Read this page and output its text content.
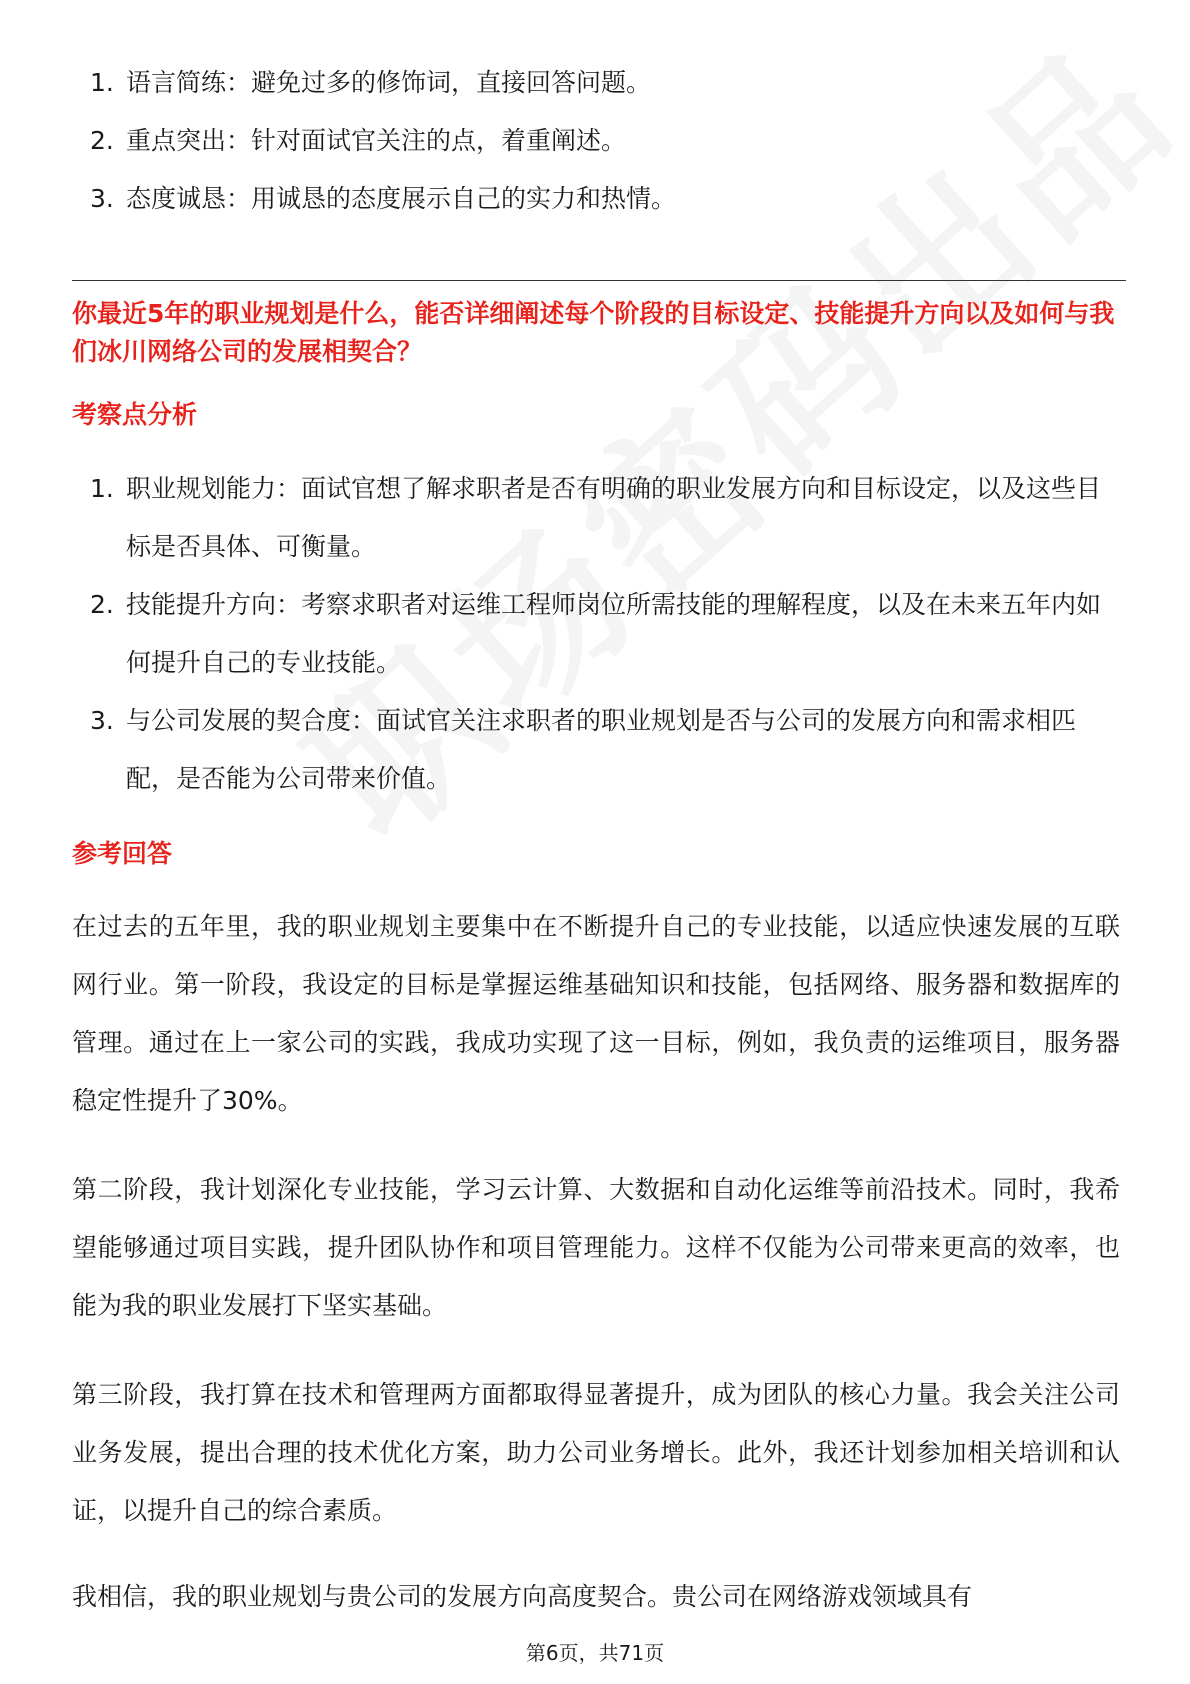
1. 语言简练：避免过多的修饰词，直接回答问题。
2. 重点突出：针对面试官关注的点，着重阐述。
3. 态度诚恳：用诚恳的态度展示自己的实力和热情。
你最近5年的职业规划是什么，能否详细阐述每个阶段的目标设定、技能提升方向以及如何与我们冰川网络公司的发展相契合？
考察点分析
1. 职业规划能力：面试官想了解求职者是否有明确的职业发展方向和目标设定，以及这些目标是否具体、可衡量。
2. 技能提升方向：考察求职者对运维工程师岗位所需技能的理解程度，以及在未来五年内如何提升自己的专业技能。
3. 与公司发展的契合度：面试官关注求职者的职业规划是否与公司的发展方向和需求相匹配，是否能为公司带来价值。
参考回答

在过去的五年里，我的职业规划主要集中在不断提升自己的专业技能，以适应快速发展的互联网行业。第一阶段，我设定的目标是掌握运维基础知识和技能，包括网络、服务器和数据库的管理。通过在上一家公司的实践，我成功实现了这一目标，例如，我负责的运维项目，服务器稳定性提升了30%。

第二阶段，我计划深化专业技能，学习云计算、大数据和自动化运维等前沿技术。同时，我希望能够通过项目实践，提升团队协作和项目管理能力。这样不仅能为公司带来更高的效率，也能为我的职业发展打下坚实基础。

第三阶段，我打算在技术和管理两方面都取得显著提升，成为团队的核心力量。我会关注公司业务发展，提出合理的技术优化方案，助力公司业务增长。此外，我还计划参加相关培训和认证，以提升自己的综合素质。

我相信，我的职业规划与贵公司的发展方向高度契合。贵公司在网络游戏领域具有

第6页，共71页
